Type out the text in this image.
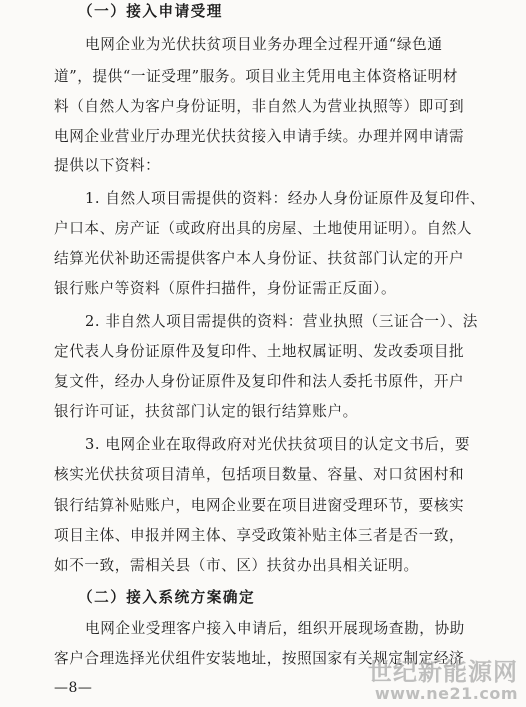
（一）接入申请受理
电网企业为光伏扶贫项目业务办理全过程开通“绿色通
道”，提供“一证受理”服务。项目业主凭用电主体资格证明材
料（自然人为客户身份证明，非自然人为营业执照等）即可到
电网企业营业厅办理光伏扶贫接入申请手续。办理并网申请需
提供以下资料：
1. 自然人项目需提供的资料：经办人身份证原件及复印件、
户口本、房产证（或政府出具的房屋、土地使用证明）。自然人
结算光伏补助还需提供客户本人身份证、扶贫部门认定的开户
银行账户等资料（原件扫描件，身份证需正反面）。
2. 非自然人项目需提供的资料：营业执照（三证合一）、法
定代表人身份证原件及复印件、土地权属证明、发改委项目批
复文件，经办人身份证原件及复印件和法人委托书原件，开户
银行许可证，扶贫部门认定的银行结算账户。
3. 电网企业在取得政府对光伏扶贫项目的认定文书后，要
核实光伏扶贫项目清单，包括项目数量、容量、对口贫困村和
银行结算补贴账户，电网企业要在项目进窗受理环节，要核实
项目主体、申报并网主体、享受政策补贴主体三者是否一致，
如不一致，需相关县（市、区）扶贫办出具相关证明。
（二）接入系统方案确定
电网企业受理客户接入申请后，组织开展现场查勘，协助
客户合理选择光伏组件安装地址，按照国家有关规定制定经济
—8—
世纪新能源网
www.ne21.com
